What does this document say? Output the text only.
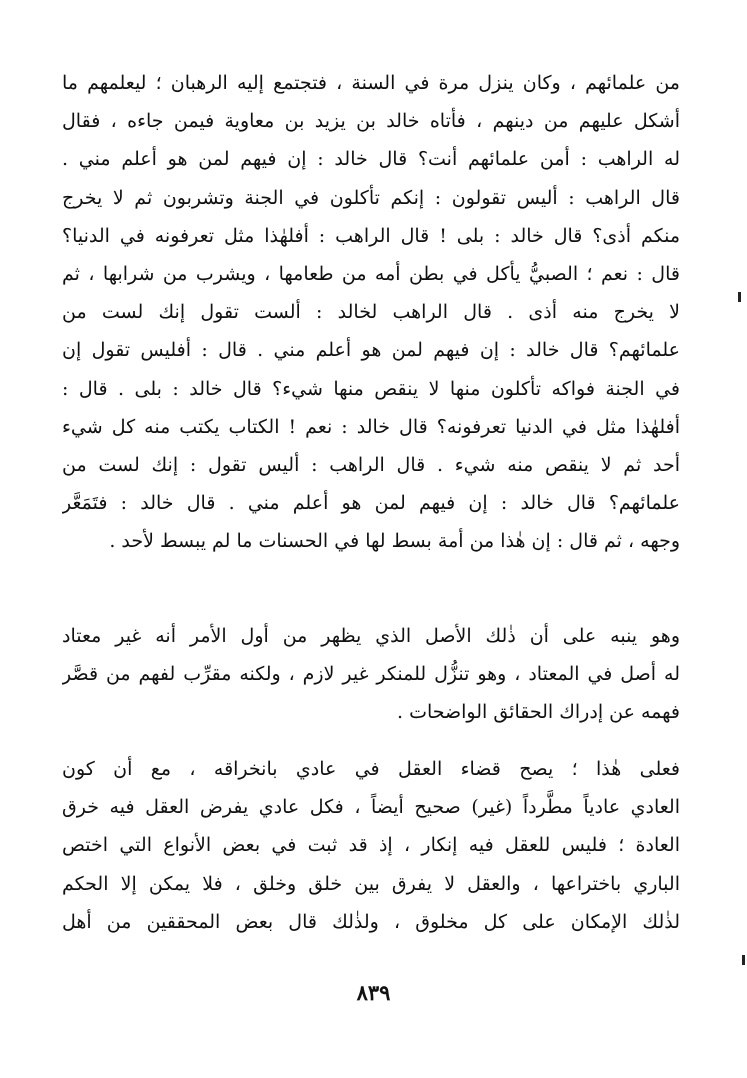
من علمائهم ، وكان ينزل مرة في السنة ، فتجتمع إليه الرهبان ؛ ليعلمهم ما
أشكل عليهم من دينهم ، فأتاه خالد بن يزيد بن معاوية فيمن جاءه ، فقال
له الراهب : أمن علمائهم أنت؟ قال خالد : إن فيهم لمن هو أعلم مني .
قال الراهب : أليس تقولون : إنكم تأكلون في الجنة وتشربون ثم لا يخرج
منكم أذى؟ قال خالد : بلى ! قال الراهب : أفلهٰذا مثل تعرفونه في الدنيا؟
قال : نعم ؛ الصبيُّ يأكل في بطن أمه من طعامها ، ويشرب من شرابها ، ثم
لا يخرج منه أذى . قال الراهب لخالد : ألست تقول إنك لست من
علمائهم؟ قال خالد : إن فيهم لمن هو أعلم مني . قال : أفليس تقول إن
في الجنة فواكه تأكلون منها لا ينقص منها شيء؟ قال خالد : بلى . قال :
أفلهٰذا مثل في الدنيا تعرفونه؟ قال خالد : نعم ! الكتاب يكتب منه كل شيء
أحد ثم لا ينقص منه شيء . قال الراهب : أليس تقول : إنك لست من
علمائهم؟ قال خالد : إن فيهم لمن هو أعلم مني . قال خالد : فتَمَعَّر
وجهه ، ثم قال : إن هٰذا من أمة بسط لها في الحسنات ما لم يبسط لأحد .
وهو ينبه على أن ذٰلك الأصل الذي يظهر من أول الأمر أنه غير معتاد
له أصل في المعتاد ، وهو تنزُّل للمنكر غير لازم ، ولكنه مقرِّب لفهم من قصَّر
فهمه عن إدراك الحقائق الواضحات .
فعلى هٰذا ؛ يصح قضاء العقل في عادي بانخراقه ، مع أن كون
العادي عادياً مطَّرداً (غير) صحيح أيضاً ، فكل عادي يفرض العقل فيه خرق
العادة ؛ فليس للعقل فيه إنكار ، إذ قد ثبت في بعض الأنواع التي اختص
الباري باختراعها ، والعقل لا يفرق بين خلق وخلق ، فلا يمكن إلا الحكم
لذٰلك الإمكان على كل مخلوق ، ولذٰلك قال بعض المحققين من أهل
٨٣٩
